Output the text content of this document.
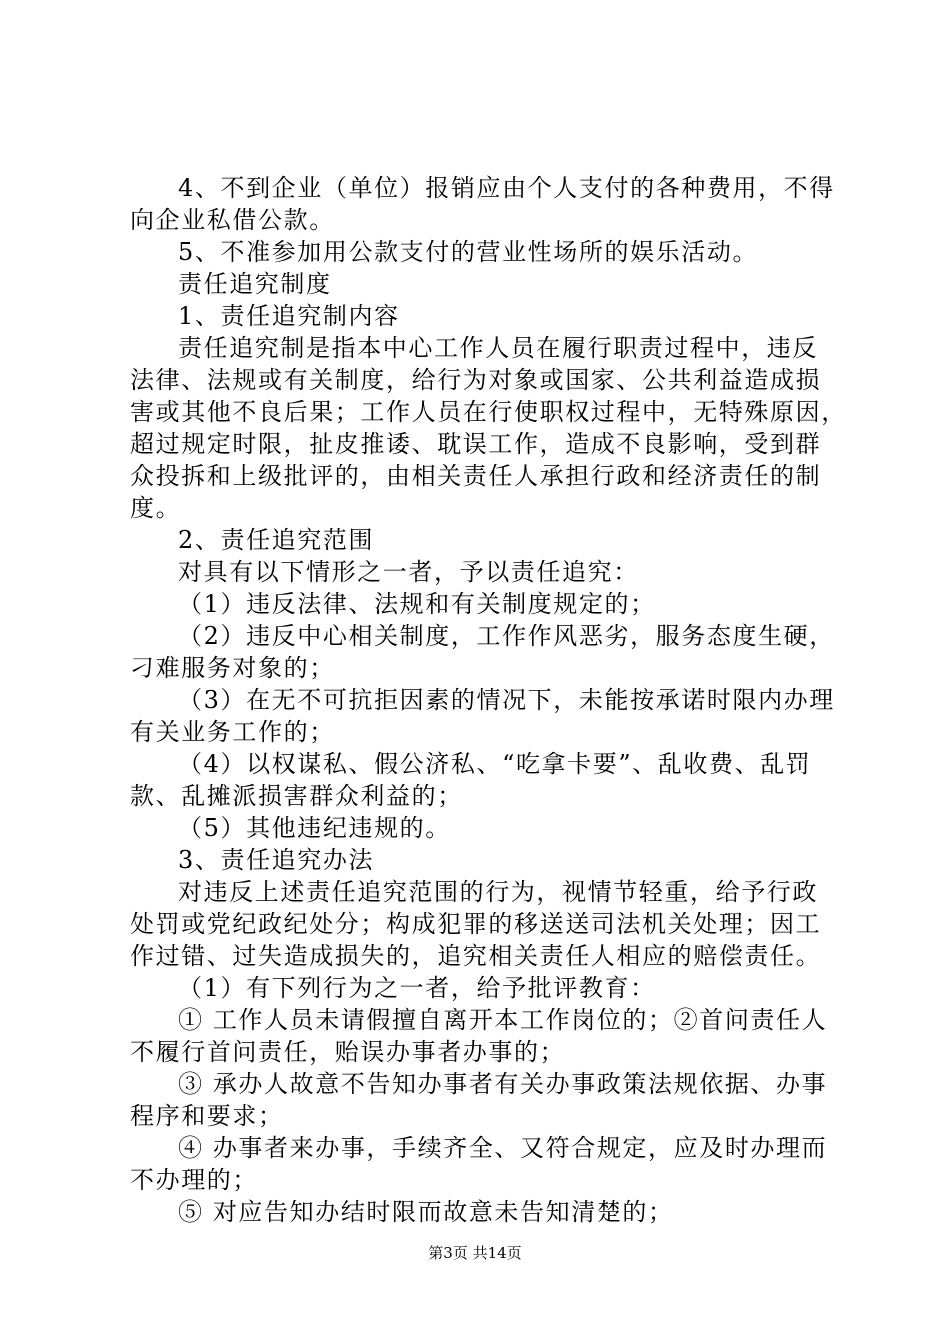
4、不到企业（单位）报销应由个人支付的各种费用，不得
向企业私借公款。
5、不准参加用公款支付的营业性场所的娱乐活动。
责任追究制度
1、责任追究制内容
责任追究制是指本中心工作人员在履行职责过程中，违反
法律、法规或有关制度，给行为对象或国家、公共利益造成损
害或其他不良后果；工作人员在行使职权过程中，无特殊原因，
超过规定时限，扯皮推诿、耽误工作，造成不良影响，受到群
众投拆和上级批评的，由相关责任人承担行政和经济责任的制
度。
2、责任追究范围
对具有以下情形之一者，予以责任追究：
（1）违反法律、法规和有关制度规定的；
（2）违反中心相关制度，工作作风恶劣，服务态度生硬，
刁难服务对象的；
（3）在无不可抗拒因素的情况下，未能按承诺时限内办理
有关业务工作的；
（4）以权谋私、假公济私、“吃拿卡要”、乱收费、乱罚
款、乱摊派损害群众利益的；
（5）其他违纪违规的。
3、责任追究办法
对违反上述责任追究范围的行为，视情节轻重，给予行政
处罚或党纪政纪处分；构成犯罪的移送送司法机关处理；因工
作过错、过失造成损失的，追究相关责任人相应的赔偿责任。
（1）有下列行为之一者，给予批评教育：
① 工作人员未请假擅自离开本工作岗位的；②首问责任人
不履行首问责任，贻误办事者办事的；
③ 承办人故意不告知办事者有关办事政策法规依据、办事
程序和要求；
④ 办事者来办事，手续齐全、又符合规定，应及时办理而
不办理的；
⑤ 对应告知办结时限而故意未告知清楚的；
第3页 共14页
